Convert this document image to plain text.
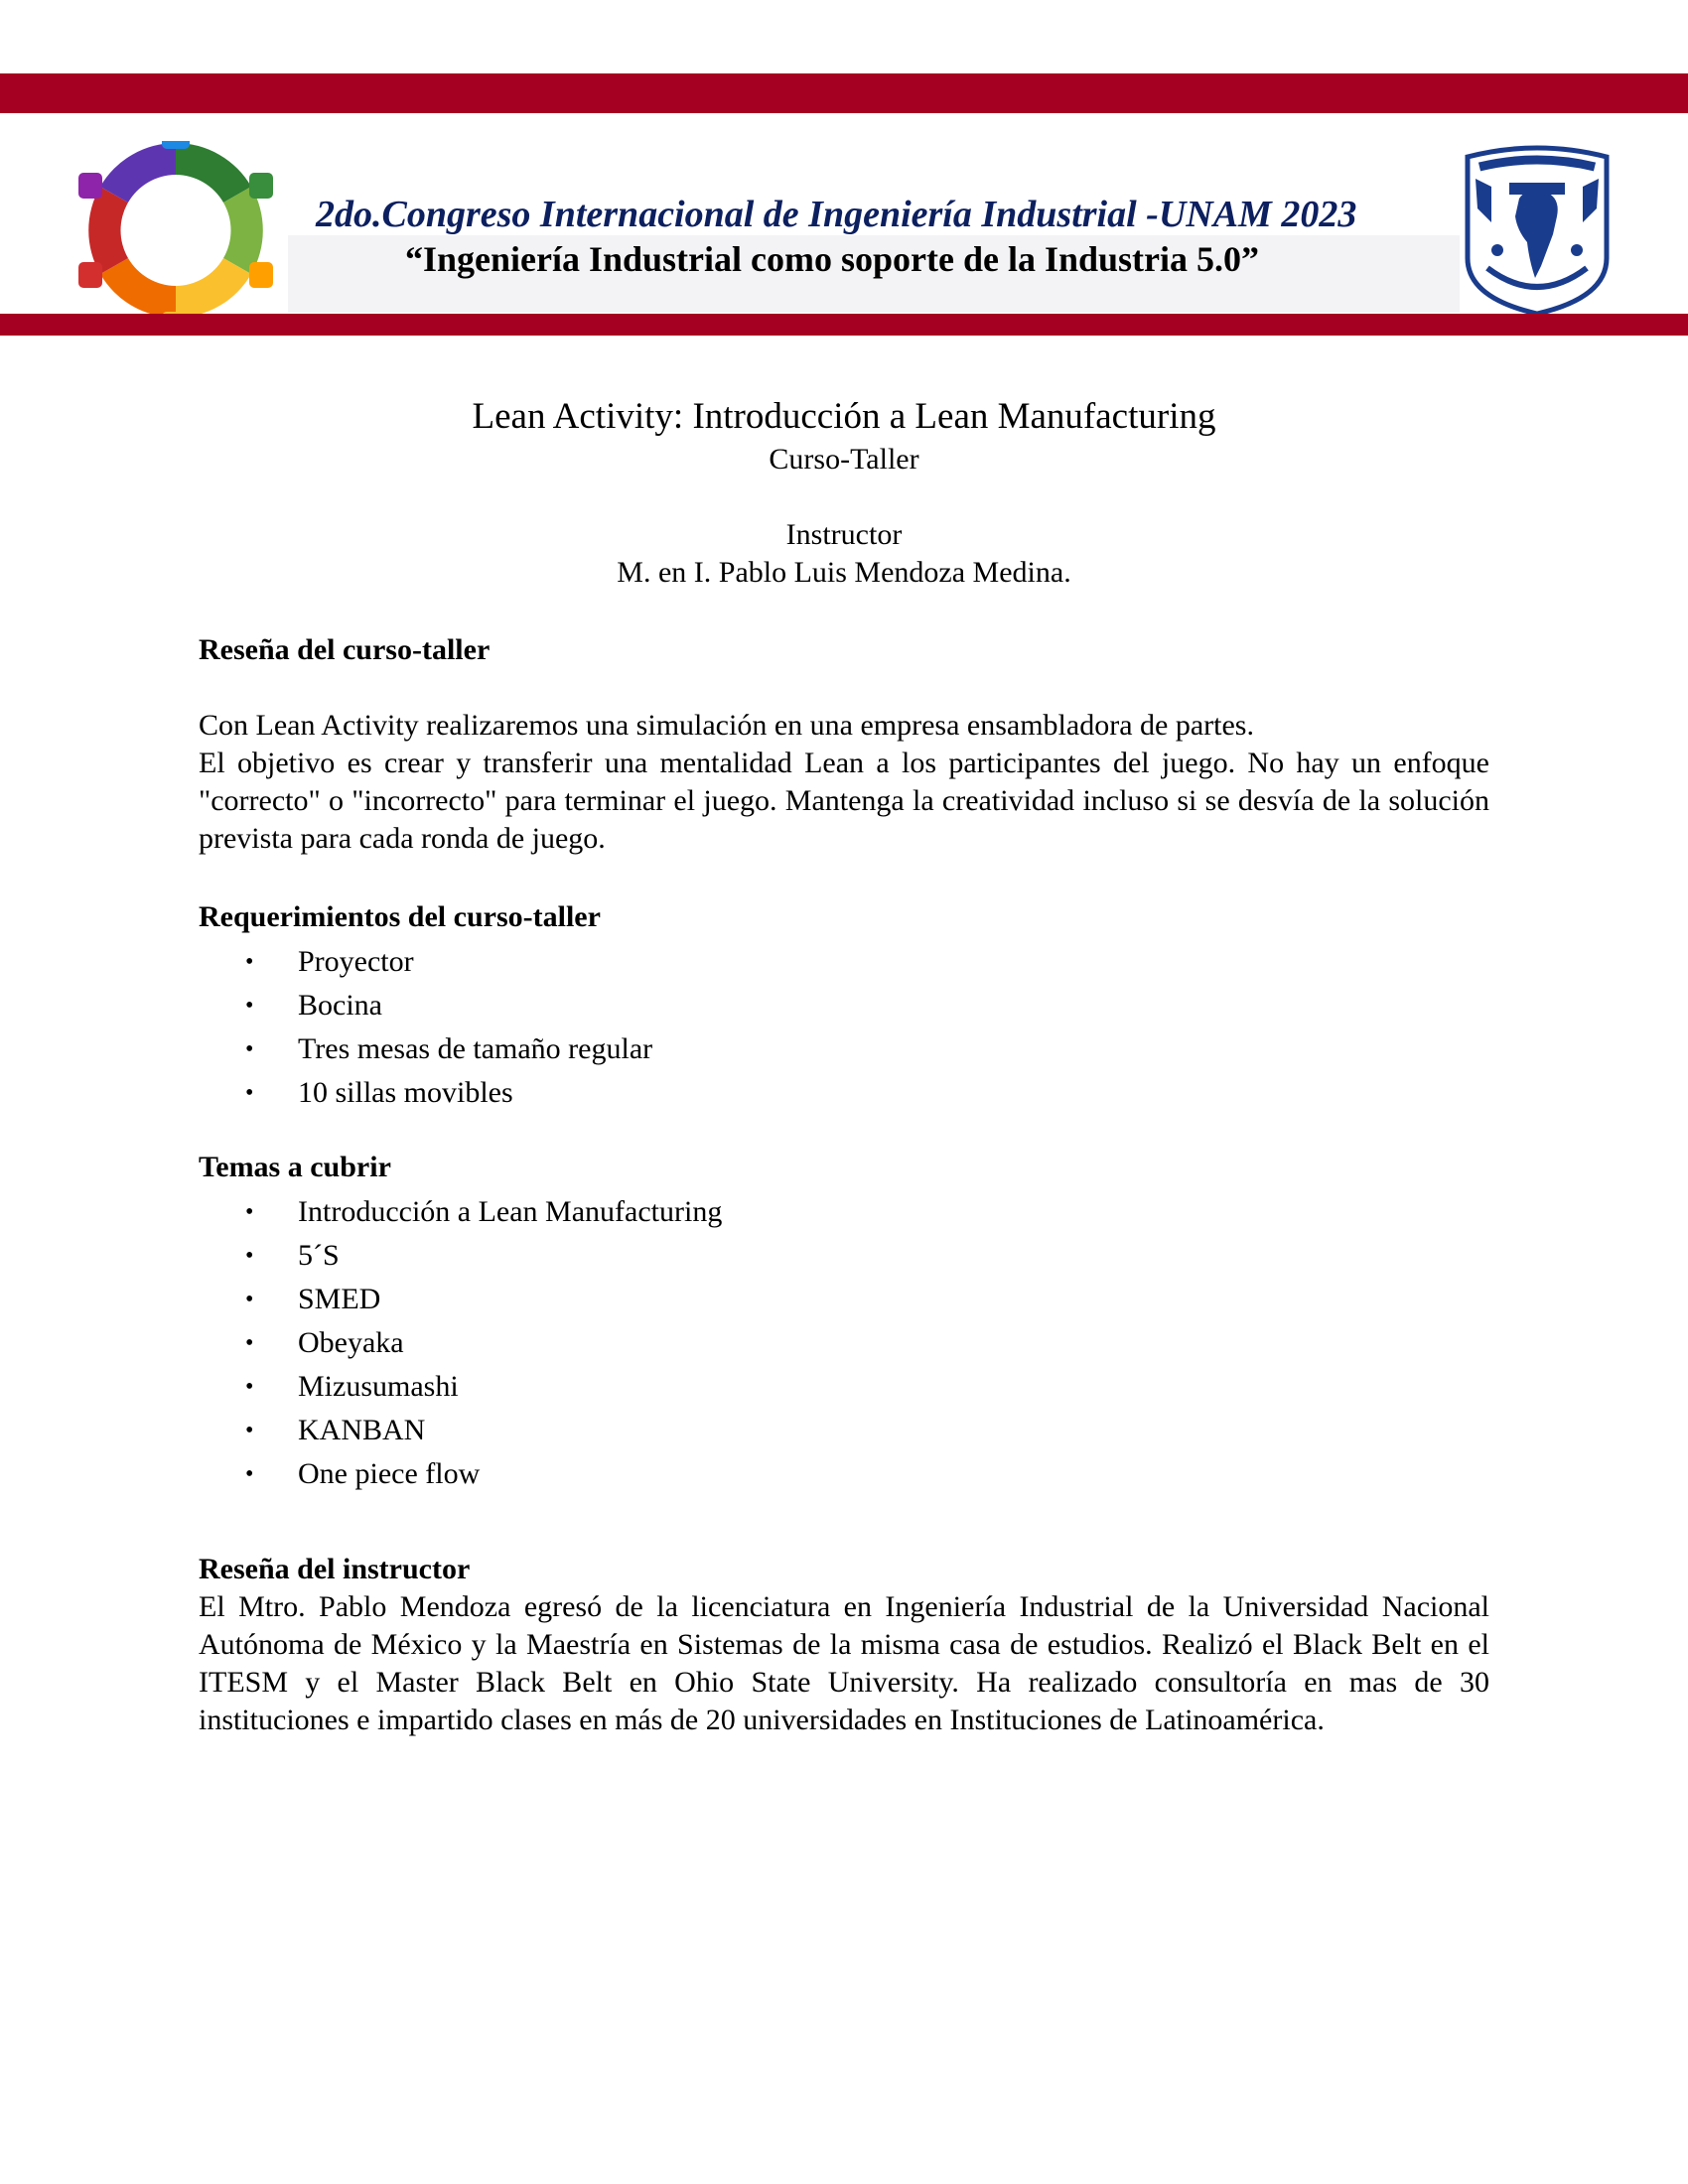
2do.Congreso Internacional de Ingeniería Industrial -UNAM 2023
“Ingeniería Industrial como soporte de la Industria 5.0”
Lean Activity: Introducción a Lean Manufacturing
Curso-Taller
Instructor
M. en I. Pablo Luis Mendoza Medina.
Reseña del curso-taller

Con Lean Activity realizaremos una simulación en una empresa ensambladora de partes.

El objetivo es crear y transferir una mentalidad Lean a los participantes del juego. No hay un enfoque "correcto" o "incorrecto" para terminar el juego. Mantenga la creatividad incluso si se desvía de la solución prevista para cada ronda de juego.

Requerimientos del curso-taller
• Proyector
• Bocina
• Tres mesas de tamaño regular
• 10 sillas movibles
Temas a cubrir
• Introducción a Lean Manufacturing
• 5´S
• SMED
• Obeyaka
• Mizusumashi
• KANBAN
• One piece flow
Reseña del instructor

El Mtro. Pablo Mendoza egresó de la licenciatura en Ingeniería Industrial de la Universidad Nacional Autónoma de México y la Maestría en Sistemas de la misma casa de estudios. Realizó el Black Belt en el ITESM y el Master Black Belt en Ohio State University. Ha realizado consultoría en mas de 30 instituciones e impartido clases en más de 20 universidades en Instituciones de Latinoamérica.
